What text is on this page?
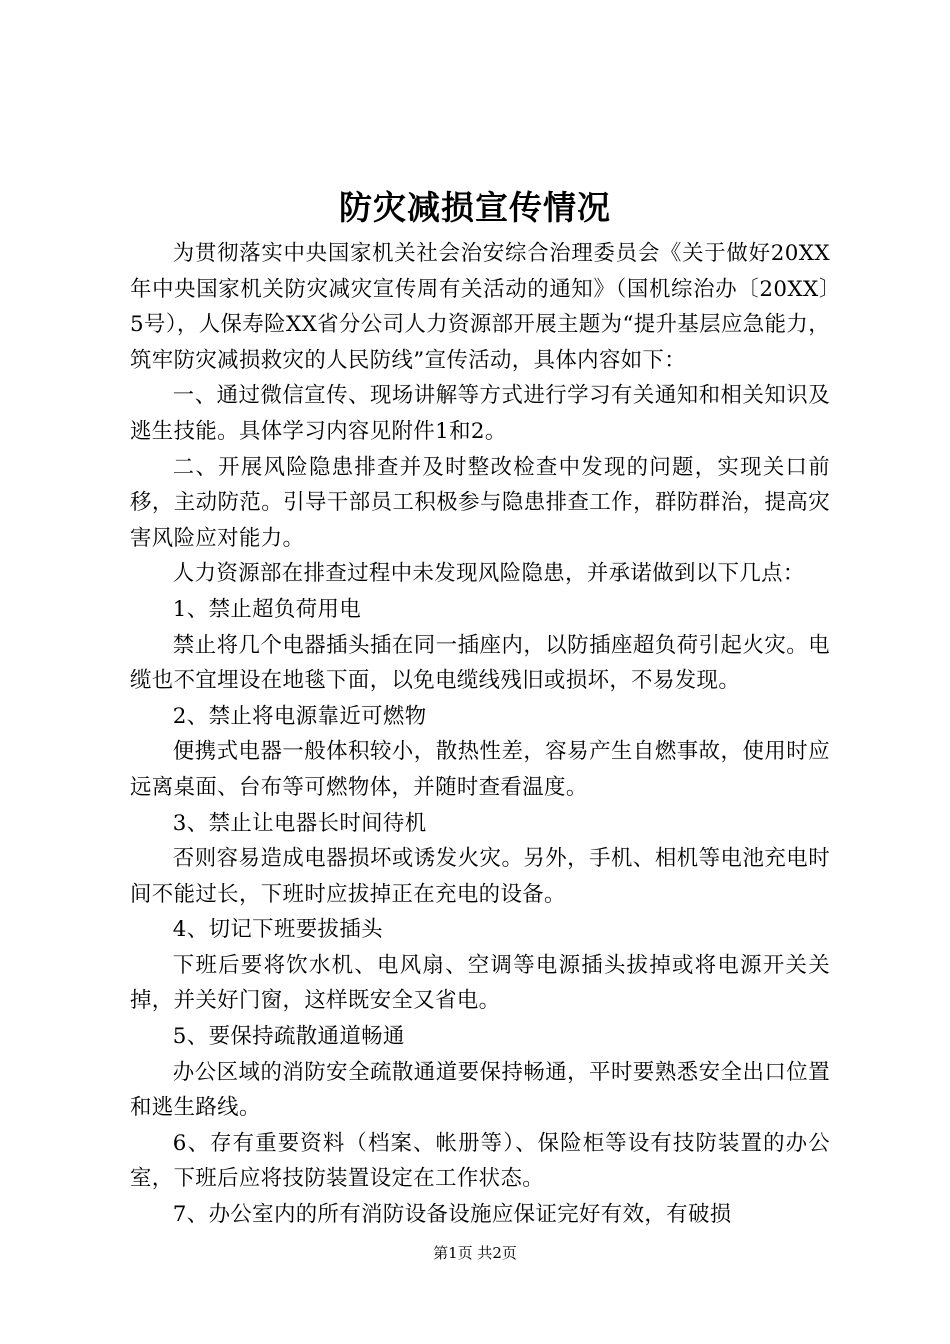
防灾减损宣传情况

为贯彻落实中央国家机关社会治安综合治理委员会《关于做好20XX年中央国家机关防灾减灾宣传周有关活动的通知》（国机综治办〔20XX〕5号），人保寿险XX省分公司人力资源部开展主题为“提升基层应急能力，筑牢防灾减损救灾的人民防线”宣传活动，具体内容如下：

一、通过微信宣传、现场讲解等方式进行学习有关通知和相关知识及逃生技能。具体学习内容见附件1和2。

二、开展风险隐患排查并及时整改检查中发现的问题，实现关口前移，主动防范。引导干部员工积极参与隐患排查工作，群防群治，提高灾害风险应对能力。

人力资源部在排查过程中未发现风险隐患，并承诺做到以下几点：

1、禁止超负荷用电

禁止将几个电器插头插在同一插座内，以防插座超负荷引起火灾。电缆也不宜埋设在地毯下面，以免电缆线残旧或损坏，不易发现。

2、禁止将电源靠近可燃物

便携式电器一般体积较小，散热性差，容易产生自燃事故，使用时应远离桌面、台布等可燃物体，并随时查看温度。

3、禁止让电器长时间待机

否则容易造成电器损坏或诱发火灾。另外，手机、相机等电池充电时间不能过长，下班时应拔掉正在充电的设备。

4、切记下班要拔插头

下班后要将饮水机、电风扇、空调等电源插头拔掉或将电源开关关掉，并关好门窗，这样既安全又省电。

5、要保持疏散通道畅通

办公区域的消防安全疏散通道要保持畅通，平时要熟悉安全出口位置和逃生路线。

6、存有重要资料（档案、帐册等）、保险柜等设有技防装置的办公室，下班后应将技防装置设定在工作状态。

7、办公室内的所有消防设备设施应保证完好有效，有破损

第1页 共2页
